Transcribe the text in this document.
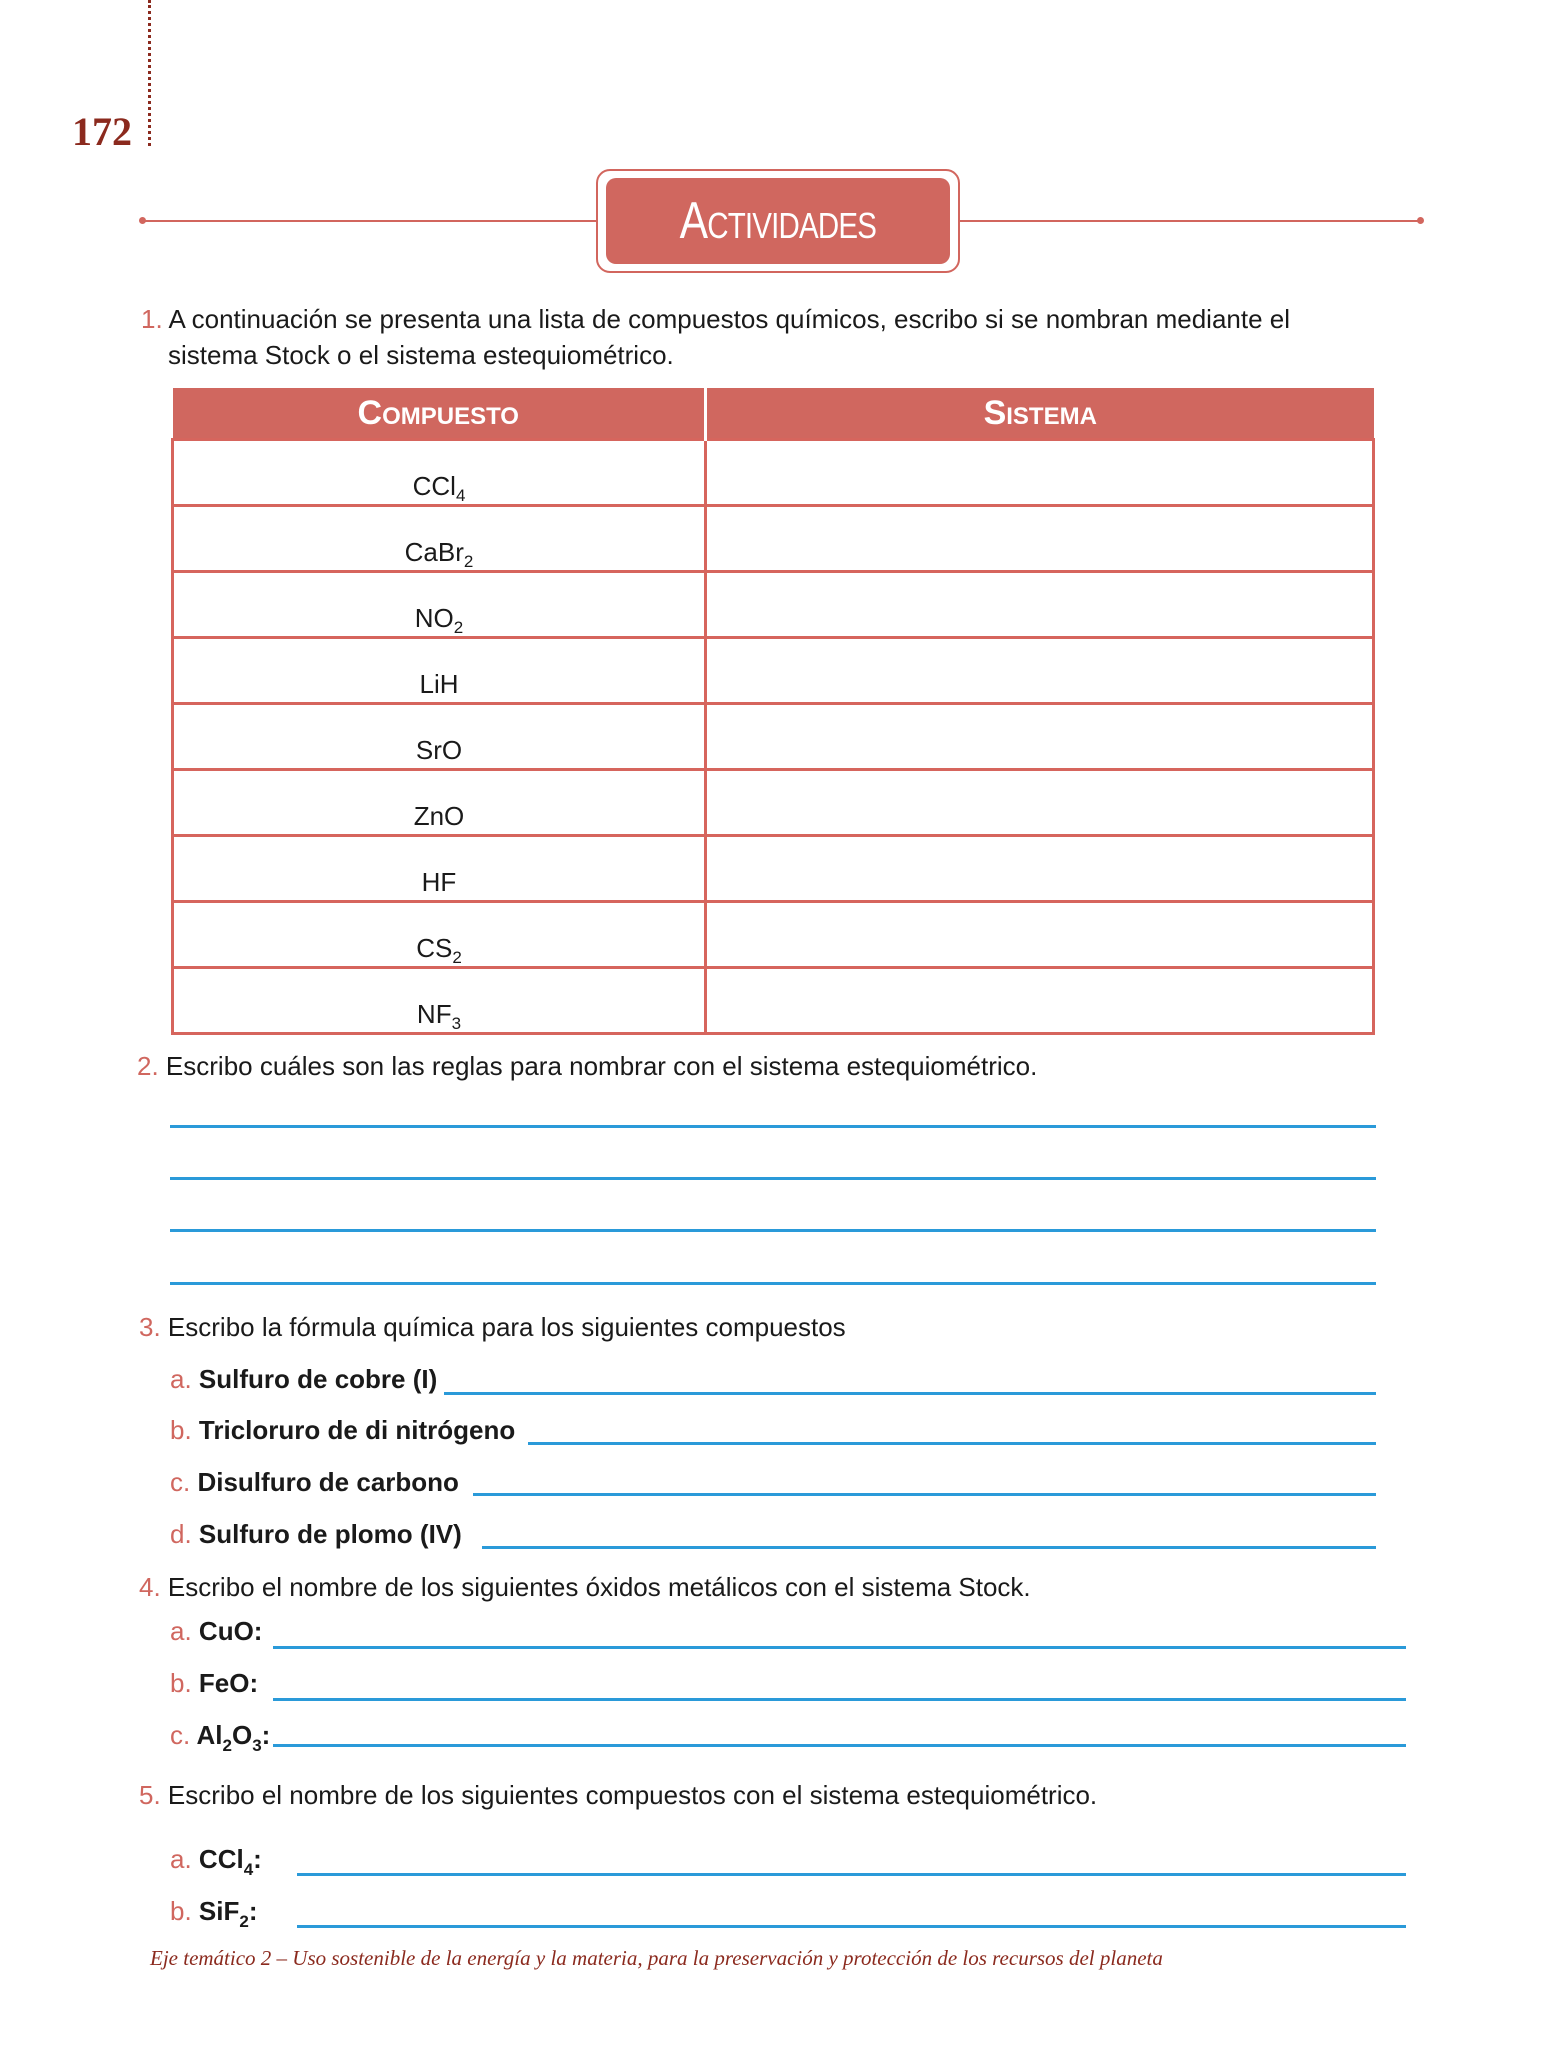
172
Actividades
1. A continuación se presenta una lista de compuestos químicos, escribo si se nombran mediante el
sistema Stock o el sistema estequiométrico.
Compuesto	Sistema
CCl$_4$	
CaBr$_2$	
$NO_2$	
LiH	
SrO	
ZnO	
HF	
$CS_2$	
$NF_3$	
2. Escribo cuáles son las reglas para nombrar con el sistema estequiométrico.
3. Escribo la fórmula química para los siguientes compuestos
a. Sulfuro de cobre (I)
b. Tricloruro de di nitrógeno
c. Disulfuro de carbono
d. Sulfuro de plomo (IV)
4. Escribo el nombre de los siguientes óxidos metálicos con el sistema Stock.
a. CuO:
b. FeO:
c. $Al_2O_3$:
5. Escribo el nombre de los siguientes compuestos con el sistema estequiométrico.
a. CCl$_4$:
b. SiF$_2$:
Eje temático 2 – Uso sostenible de la energía y la materia, para la preservación y protección de los recursos del planeta
